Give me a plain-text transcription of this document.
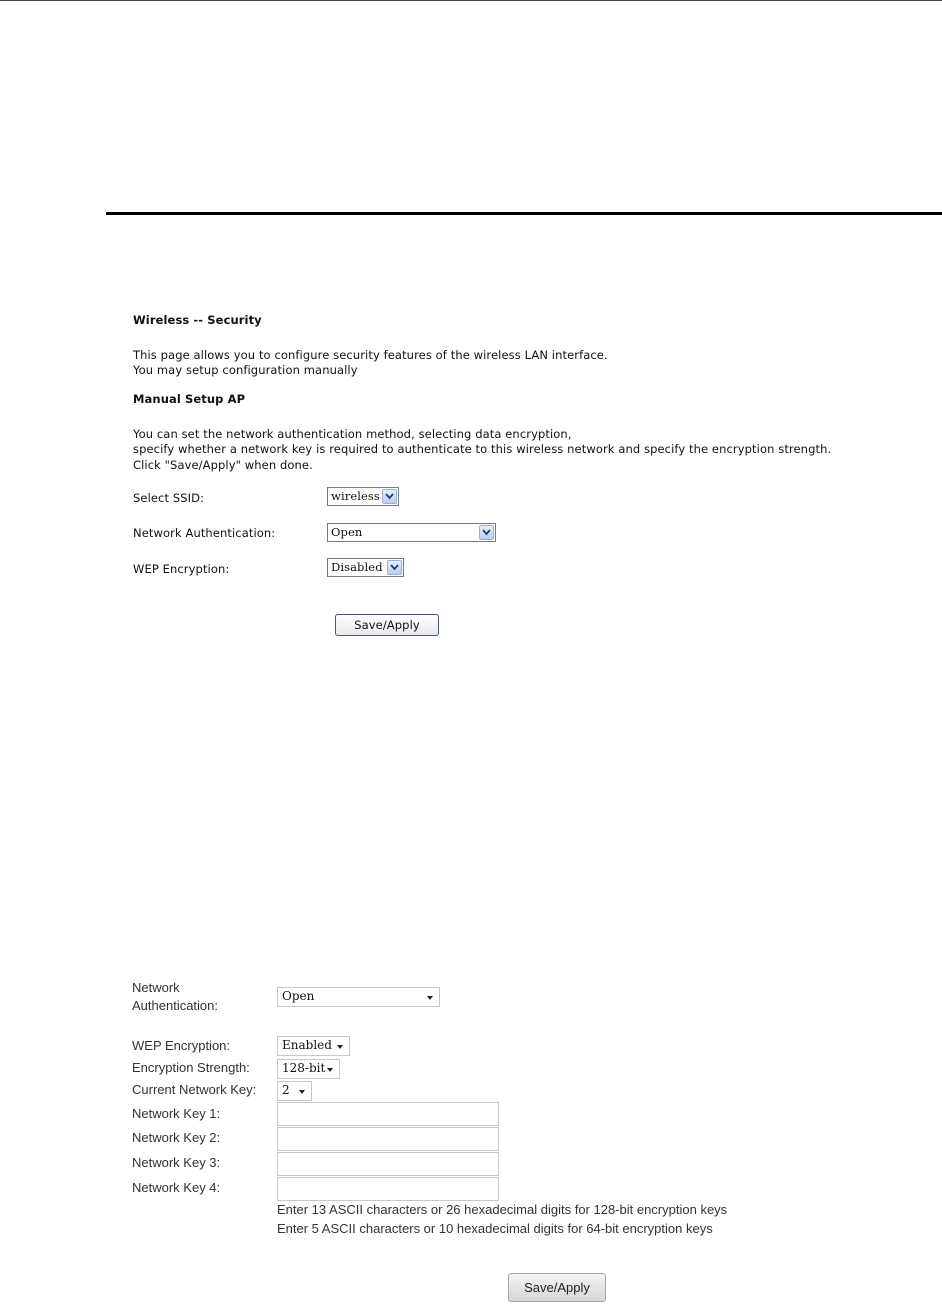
Wireless -- Security
This page allows you to configure security features of the wireless LAN interface.
You may setup configuration manually
Manual Setup AP
You can set the network authentication method, selecting data encryption,
specify whether a network key is required to authenticate to this wireless network and specify the encryption strength.
Click "Save/Apply" when done.
Select SSID:	wireless
Network Authentication:	Open
WEP Encryption:	Disabled
Save/Apply
Network
Authentication:
Open
WEP Encryption:	Enabled
Encryption Strength:	128-bit
Current Network Key: 2
Network Key 1:
Network Key 2:
Network Key 3:
Network Key 4:
Enter 13 ASCII characters or 26 hexadecimal digits for 128-bit encryption keys
Enter 5 ASCII characters or 10 hexadecimal digits for 64-bit encryption keys
Save/Apply
